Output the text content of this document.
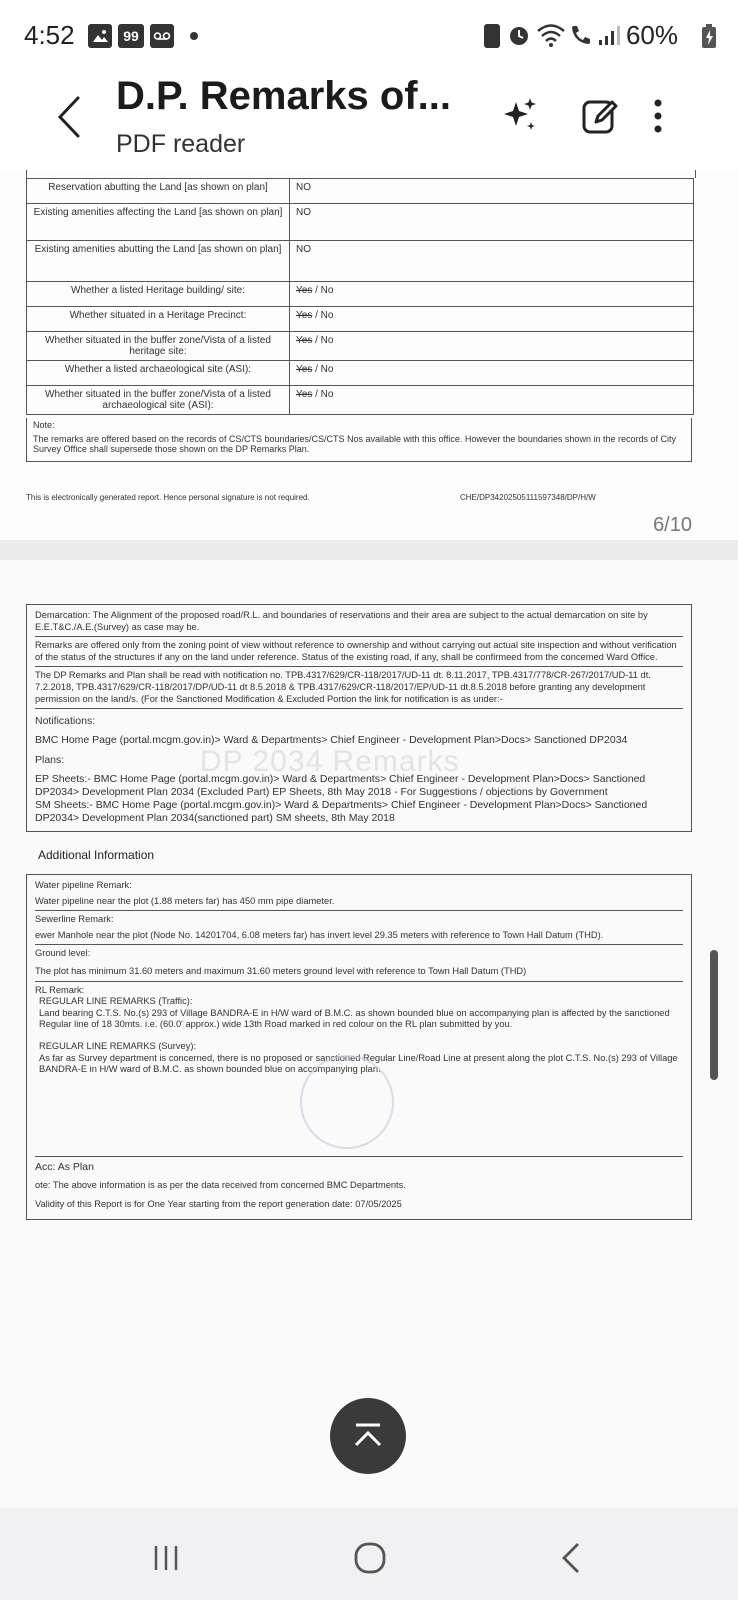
4:52	99	60%
D.P. Remarks of...
PDF reader
Reservation abutting the Land [as shown on plan]	NO
Existing amenities affecting the Land [as shown on plan]	NO
Existing amenities abutting the Land [as shown on plan]	NO
Whether a listed Heritage building/ site:	Yes / No
Whether situated in a Heritage Precinct:	Yes / No
Whether situated in the buffer zone/Vista of a listed heritage site:	Yes / No
Whether a listed archaeological site (ASI):	Yes / No
Whether situated in the buffer zone/Vista of a listed archaeological site (ASI):	Yes / No
Note:
The remarks are offered based on the records of CS/CTS boundaries/CS/CTS Nos available with this office. However the boundaries shown in the records of City Survey Office shall supersede those shown on the DP Remarks Plan.
This is electronically generated report. Hence personal signature is not required.	CHE/DP34202505111597348/DP/H/W
6/10
DP 2034 Remarks
Demarcation: The Alignment of the proposed road/R.L. and boundaries of reservations and their area are subject to the actual demarcation on site by E.E.T&C./A.E.(Survey) as case may be.
Remarks are offered only from the zoning point of view without reference to ownership and without carrying out actual site inspection and without verification of the status of the structures if any on the land under reference. Status of the existing road, if any, shall be confirmeed from the concemed Ward Office.
The DP Remarks and Plan shall be read with notification no. TPB.4317/629/CR-118/2017/UD-11 dt. 8.11.2017, TPB.4317/778/CR-267/2017/UD-11 dt. 7.2.2018, TPB.4317/629/CR-118/2017/DP/UD-11 dt 8.5.2018 & TPB.4317/629/CR-118/2017/EP/UD-11 dt.8.5.2018 before granting any development permission on the land/s. (For the Sanctioned Modification & Excluded Portion the link for notification is as under:-
Notifications:
BMC Home Page (portal.mcgm.gov.in)> Ward & Departments> Chief Engineer - Development Plan>Docs> Sanctioned DP2034
Plans:
EP Sheets:- BMC Home Page (portal.mcgm.gov.in)> Ward & Departments> Chief Engineer - Development Plan>Docs> Sanctioned DP2034> Development Plan 2034 (Excluded Part) EP Sheets, 8th May 2018 - For Suggestions / objections by Government
SM Sheets:- BMC Home Page (portal.mcgm.gov.in)> Ward & Departments> Chief Engineer - Development Plan>Docs> Sanctioned DP2034> Development Plan 2034(sanctioned part) SM sheets, 8th May 2018
Additional Information
Water pipeline Remark:
Water pipeline near the plot (1.88 meters far) has 450 mm pipe diameter.
Sewerline Remark:
ewer Manhole near the plot (Node No. 14201704, 6.08 meters far) has invert level 29.35 meters with reference to Town Hall Datum (THD).
Ground level:
The plot has minimum 31.60 meters and maximum 31.60 meters ground level with reference to Town Hall Datum (THD)
RL Remark:
REGULAR LINE REMARKS (Traffic):
Land bearing C.T.S. No.(s) 293 of Village BANDRA-E in H/W ward of B.M.C. as shown bounded blue on accompanying plan is affected by the sanctioned Regular line of 18 30mts. i.e. (60.0' approx.) wide 13th Road marked in red colour on the RL plan submitted by you.
REGULAR LINE REMARKS (Survey):
As far as Survey department is concerned, there is no proposed or sanctioned Regular Line/Road Line at present along the plot C.T.S. No.(s) 293 of Village BANDRA-E in H/W ward of B.M.C. as shown bounded blue on accompanying plan.
Acc: As Plan
ote: The above information is as per the data received from concerned BMC Departments.
Validity of this Report is for One Year starting from the report generation date: 07/05/2025
